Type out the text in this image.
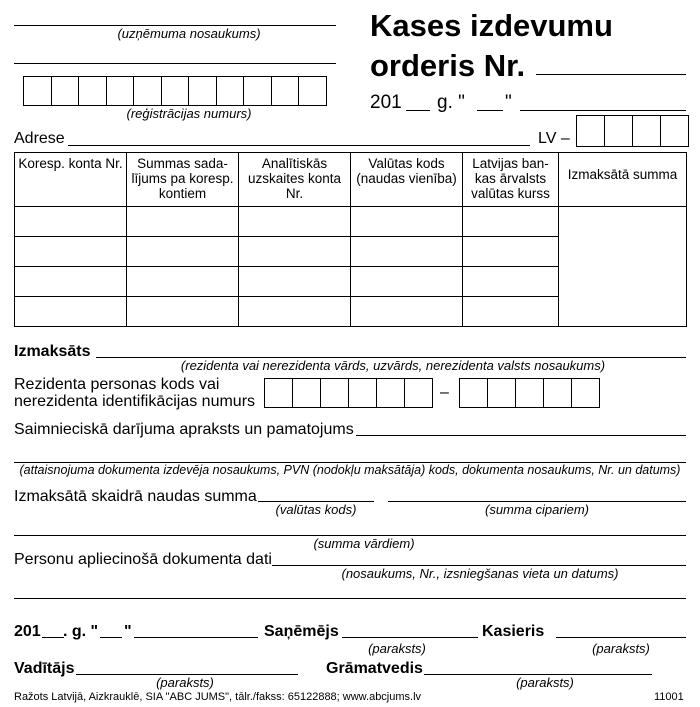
(uzņēmuma nosaukums)
(reģistrācijas numurs)
Kases izdevumu
orderis Nr.
201 g. " "
Adrese	LV –
Koresp. konta Nr.	Summas sada- lījums pa koresp. kontiem	Analītiskās uzskaites konta Nr.	Valūtas kods (naudas vienība)	Latvijas ban- kas ārvalsts valūtas kurss	Izmaksātā summa

Izmaksāts
(rezidenta vai nerezidenta vārds, uzvārds, nerezidenta valsts nosaukums)
Rezidenta personas kods vai
nerezidenta identifikācijas numurs
–
Saimnieciskā darījuma apraksts un pamatojums
(attaisnojuma dokumenta izdevēja nosaukums, PVN (nodokļu maksātāja) kods, dokumenta nosaukums, Nr. un datums)
Izmaksātā skaidrā naudas summa
(valūtas kods)	(summa cipariem)
(summa vārdiem)
Personu apliecinošā dokumenta dati
(nosaukums, Nr., izsniegšanas vieta un datums)
201 . g. " "	Saņēmējs
(paraksts)
Kasieris
(paraksts)
Vadītājs
(paraksts)
Grāmatvedis
(paraksts)
Ražots Latvijā, Aizkrauklē, SIA "ABC JUMS", tālr./fakss: 65122888; www.abcjums.lv	11001
